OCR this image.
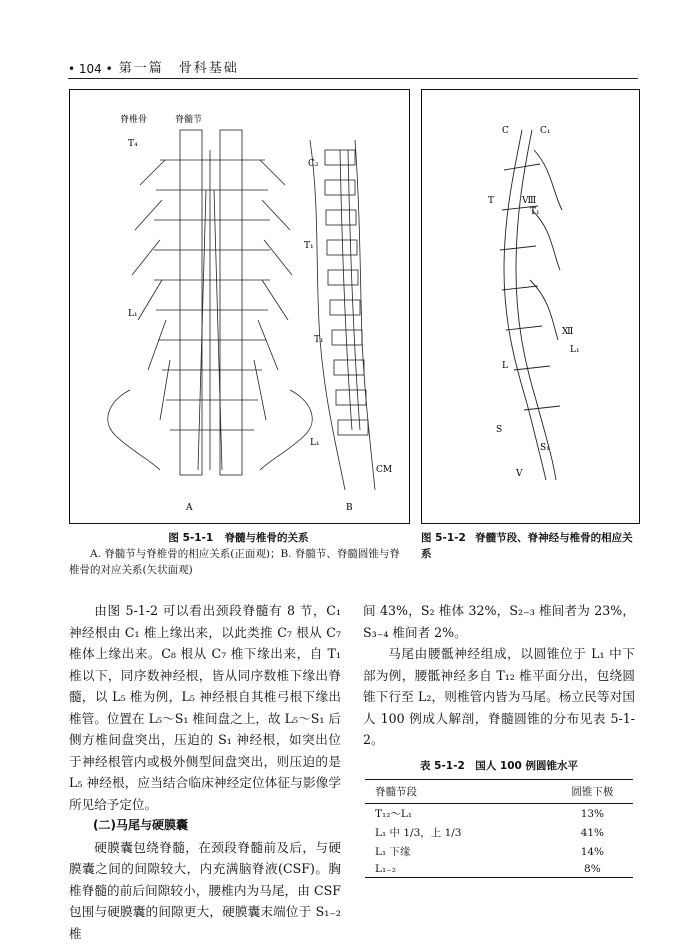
• 104 • 第一篇　骨科基础
脊椎骨	脊髓节
T₄
L₁
A
C₂
T₁
T₁
L₁
CM
B
C	C₁
T	Ⅷ
T₁
Ⅻ
L₁
L
S
S₁
V
图 5-1-1 脊髓与椎骨的关系
A. 脊髓节与脊椎骨的相应关系(正面观)；B. 脊髓节、脊髓圆锥与脊椎骨的对应关系(矢状面观)
图 5-1-2 脊髓节段、脊神经与椎骨的相应关系

由图 5-1-2 可以看出颈段脊髓有 8 节，C₁ 神经根由 C₁ 椎上缘出来，以此类推 C₇ 根从 C₇ 椎体上缘出来。C₈ 根从 C₇ 椎下缘出来，自 T₁ 椎以下，同序数神经根，皆从同序数椎下缘出脊髓，以 L₅ 椎为例，L₅ 神经根自其椎弓根下缘出椎管。位置在 L₅～S₁ 椎间盘之上，故 L₅～S₁ 后侧方椎间盘突出，压迫的 S₁ 神经根，如突出位于神经根管内或极外侧型间盘突出，则压迫的是 L₅ 神经根，应当结合临床神经定位体征与影像学所见给予定位。

(二)马尾与硬膜囊

硬膜囊包绕脊髓，在颈段脊髓前及后，与硬膜囊之间的间隙较大，内充满脑脊液(CSF)。胸椎脊髓的前后间隙较小，腰椎内为马尾，由 CSF 包围与硬膜囊的间隙更大，硬膜囊末端位于 S₁₋₂ 椎

间 43%，S₂ 椎体 32%，S₂₋₃ 椎间者为 23%，S₃₋₄ 椎间者 2%。

马尾由腰骶神经组成，以圆锥位于 L₁ 中下部为例，腰骶神经多自 T₁₂ 椎平面分出，包绕圆锥下行至 L₂，则椎管内皆为马尾。杨立民等对国人 100 例成人解剖，脊髓圆锥的分布见表 5-1-2。

表 5-1-2　国人 100 例圆锥水平
脊髓节段	圆锥下极
T₁₂～L₁	13%
L₁ 中 1/3，上 1/3	41%
L₁ 下缘	14%
L₁₋₂	8%
